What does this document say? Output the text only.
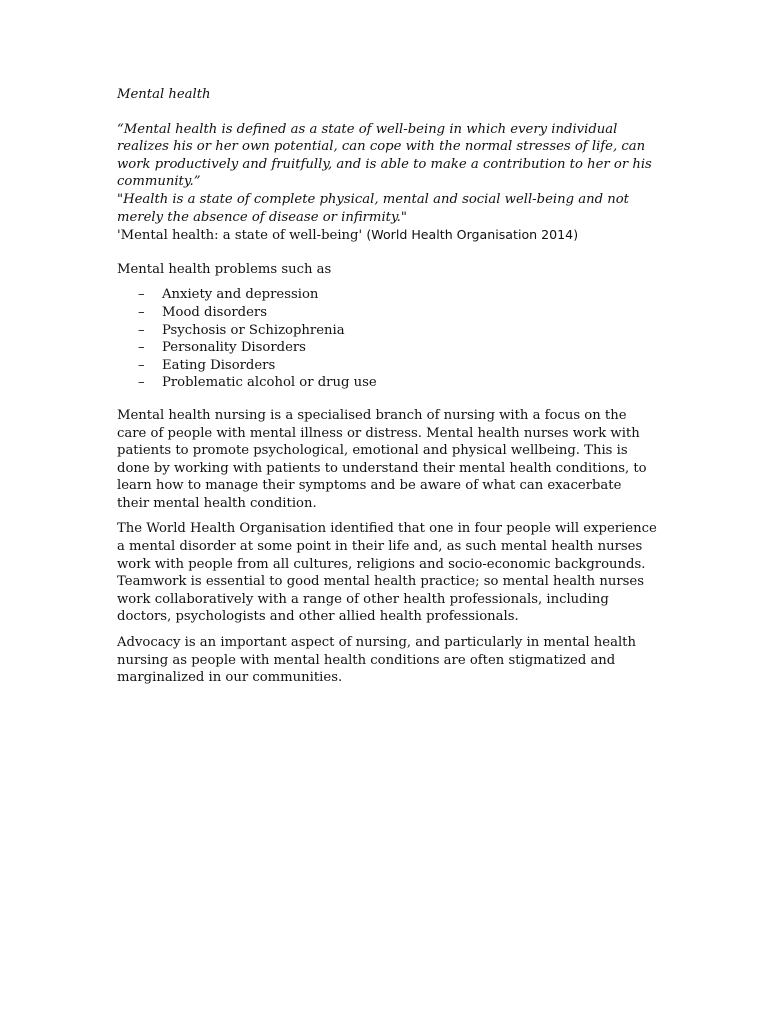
Mental health

“Mental health is defined as a state of well-being in which every individual realizes his or her own potential, can cope with the normal stresses of life, can work productively and fruitfully, and is able to make a contribution to her or his community.”

"Health is a state of complete physical, mental and social well-being and not merely the absence of disease or infirmity."

'Mental health: a state of well-being' (World Health Organisation 2014)

Mental health problems such as

– Anxiety and depression
– Mood disorders
– Psychosis or Schizophrenia
– Personality Disorders
– Eating Disorders
– Problematic alcohol or drug use

Mental health nursing is a specialised branch of nursing with a focus on the care of people with mental illness or distress. Mental health nurses work with patients to promote psychological, emotional and physical wellbeing. This is done by working with patients to understand their mental health conditions, to learn how to manage their symptoms and be aware of what can exacerbate their mental health condition.

The World Health Organisation identified that one in four people will experience a mental disorder at some point in their life and, as such mental health nurses work with people from all cultures, religions and socio-economic backgrounds. Teamwork is essential to good mental health practice; so mental health nurses work collaboratively with a range of other health professionals, including doctors, psychologists and other allied health professionals.

Advocacy is an important aspect of nursing, and particularly in mental health nursing as people with mental health conditions are often stigmatized and marginalized in our communities.
